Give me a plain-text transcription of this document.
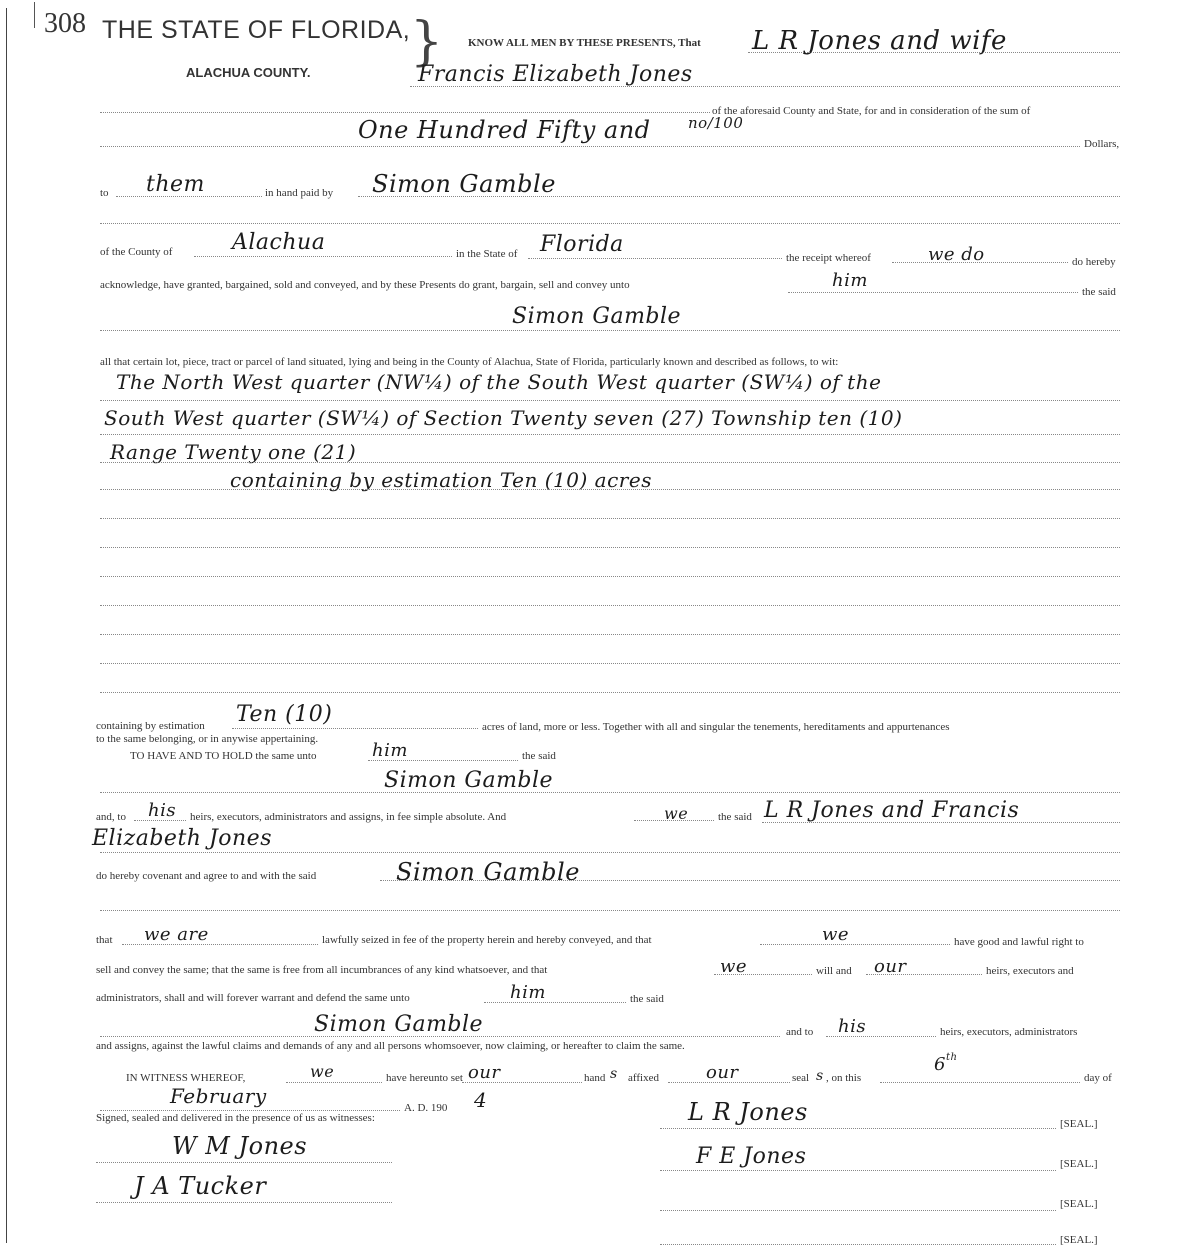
308 THE STATE OF FLORIDA, }
ALACHUA COUNTY.
KNOW ALL MEN BY THESE PRESENTS, That L R Jones and wife
Francis Elizabeth Jones
of the aforesaid County and State, for and in consideration of the sum of
One Hundred Fifty and no/100
Dollars,
to them	in hand paid by Simon Gamble
of the County of	Alachua	in the State of Florida
the receipt whereof	we do	do hereby
acknowledge, have granted, bargained, sold and conveyed, and by these Presents do grant, bargain, sell and convey unto	him
the said
Simon Gamble
all that certain lot, piece, tract or parcel of land situated, lying and being in the County of Alachua, State of Florida, particularly known and described as follows, to wit:
The North West quarter (NW¼) of the South West quarter (SW¼) of the
South West quarter (SW¼) of Section Twenty seven (27) Township ten (10)
Range Twenty one (21)
containing by estimation Ten (10) acres
containing by estimation Ten (10)	acres of land, more or less. Together with all and singular the tenements, hereditaments and appurtenances
to the same belonging, or in anywise appertaining.
TO HAVE AND TO HOLD the same unto	him	the said
Simon Gamble
and, to his heirs, executors, administrators and assigns, in fee simple absolute. And	we	the said L R Jones and Francis
Elizabeth Jones
do hereby covenant and agree to and with the said	Simon Gamble
that we are	lawfully seized in fee of the property herein and hereby conveyed, and that	we	have good and lawful right to
sell and convey the same; that the same is free from all incumbrances of any kind whatsoever, and that	we	will and our	heirs, executors and
administrators, shall and will forever warrant and defend the same unto	him	the said
Simon Gamble	and to his	heirs, executors, administrators
and assigns, against the lawful claims and demands of any and all persons whomsoever, now claiming, or hereafter to claim the same.
IN WITNESS WHEREOF,	we	have hereunto set our	hand s affixed	our	seal s , on this
6 th
day of
February	A. D. 190 4
Signed, sealed and delivered in the presence of us as witnesses:
W M Jones
J A Tucker
L R Jones	[SEAL.]
F E Jones	[SEAL.]
[SEAL.]
[SEAL.]
